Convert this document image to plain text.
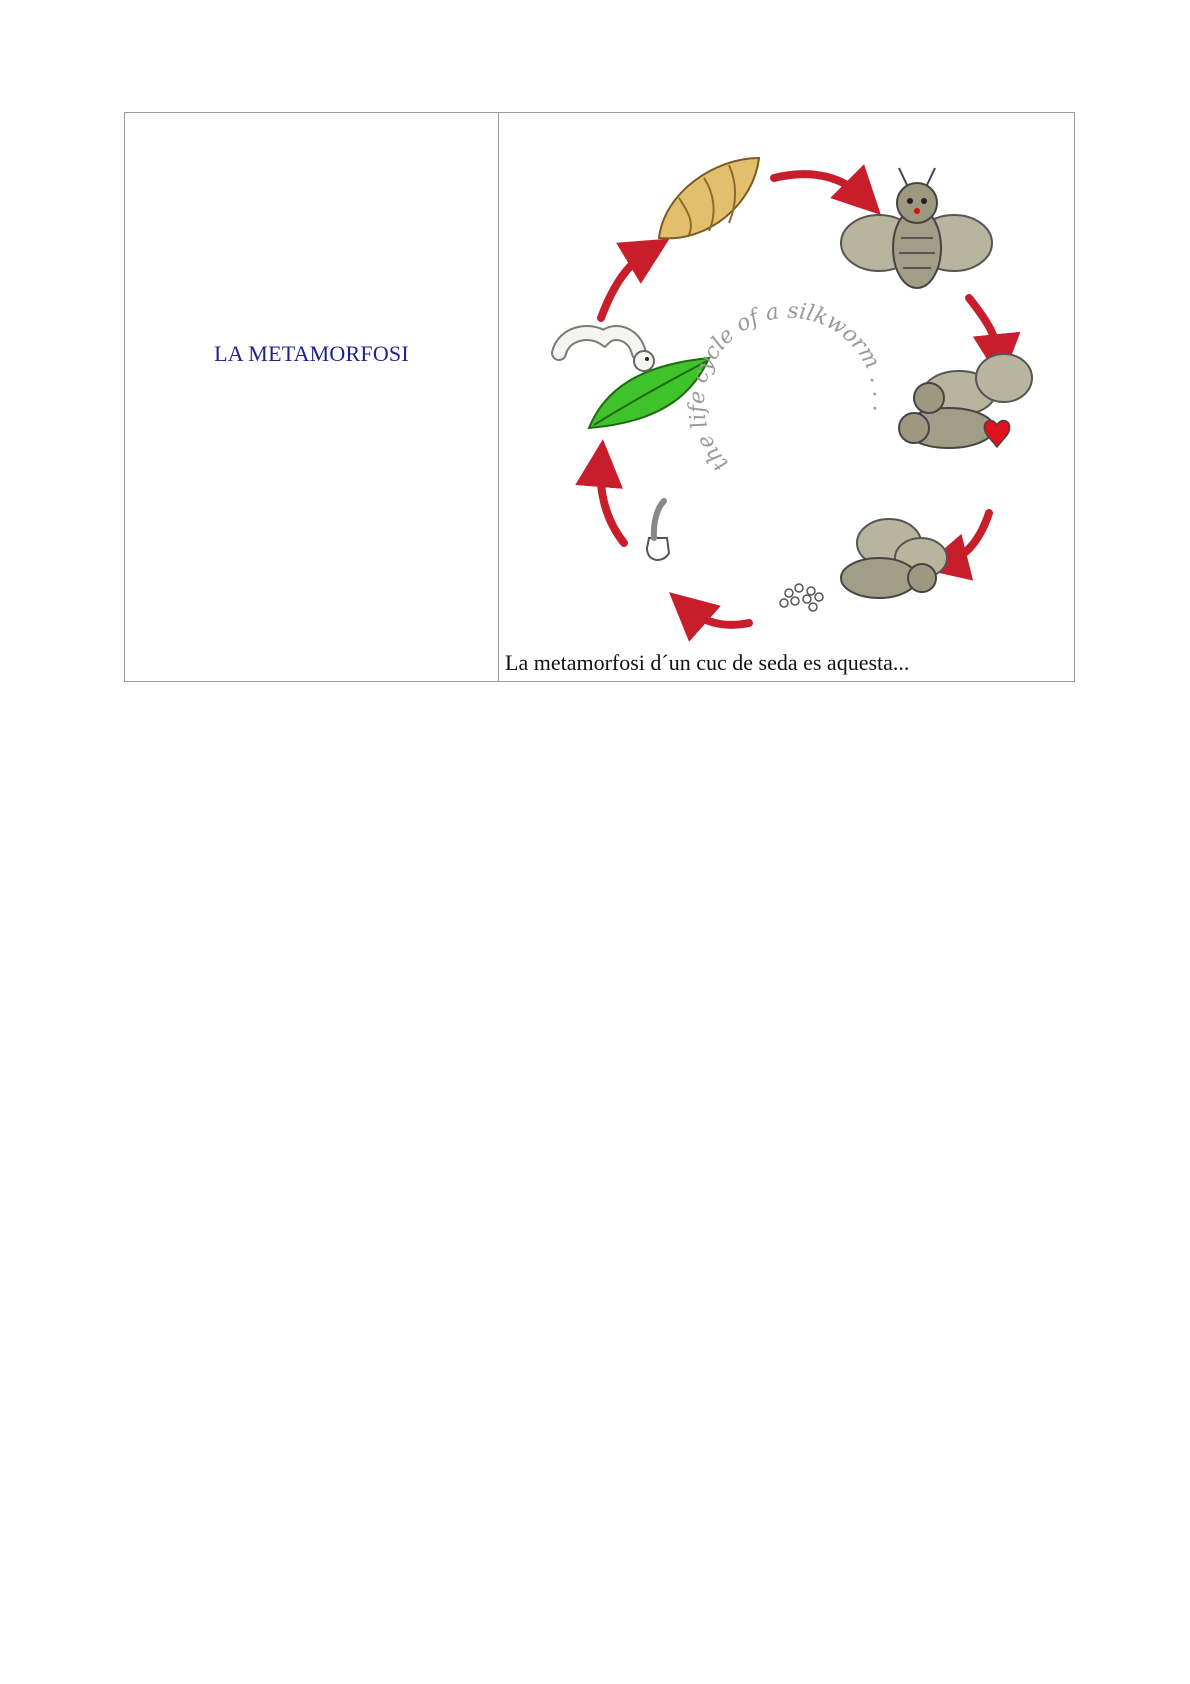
LA METAMORFOSI
the life cycle of a silkworm . . .
La metamorfosi d´un cuc de seda es aquesta...
